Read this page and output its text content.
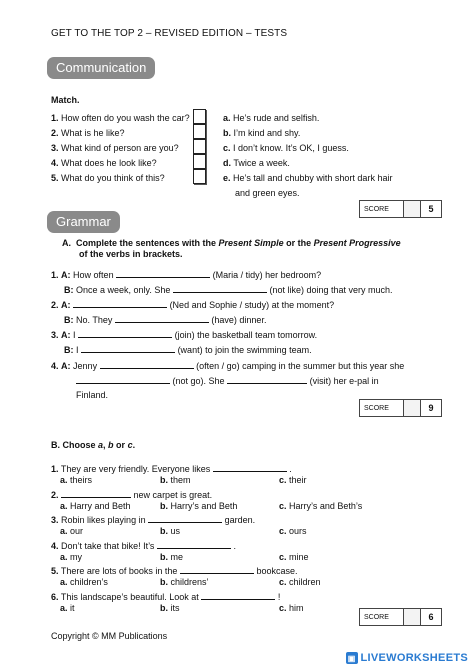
GET TO THE TOP 2 – REVISED EDITION – TESTS
Communication
Match.
1. How often do you wash the car?
2. What is he like?
3. What kind of person are you?
4. What does he look like?
5. What do you think of this?
a. He’s rude and selfish.
b. I’m kind and shy.
c. I don’t know. It’s OK, I guess.
d. Twice a week.
e. He’s tall and chubby with short dark hair
and green eyes.
SCORE	5
Grammar
A. Complete the sentences with the Present Simple or the Present Progressive
of the verbs in brackets.
1. A: How often	(Maria / tidy) her bedroom?
B: Once a week, only. She	(not like) doing that very much.
2. A:	(Ned and Sophie / study) at the moment?
B: No. They	(have) dinner.
3. A: I	(join) the basketball team tomorrow.
B: I	(want) to join the swimming team.
4. A: Jenny	(often / go) camping in the summer but this year she
(not go). She	(visit) her e-pal in
Finland.
SCORE	9
B. Choose a, b or c.
1. They are very friendly. Everyone likes	.
a. theirs	b. them	c. their
2.	new carpet is great.
a. Harry and Beth	b. Harry’s and Beth	c. Harry’s and Beth’s
3. Robin likes playing in	garden.
a. our	b. us	c. ours
4. Don’t take that bike! It’s	.
a. my	b. me	c. mine
5. There are lots of books in the	bookcase.
a. children’s	b. childrens’	c. children
6. This landscape’s beautiful. Look at	!
a. it	b. its	c. him
SCORE	6
Copyright © MM Publications
▣ LIVEWORKSHEETS
